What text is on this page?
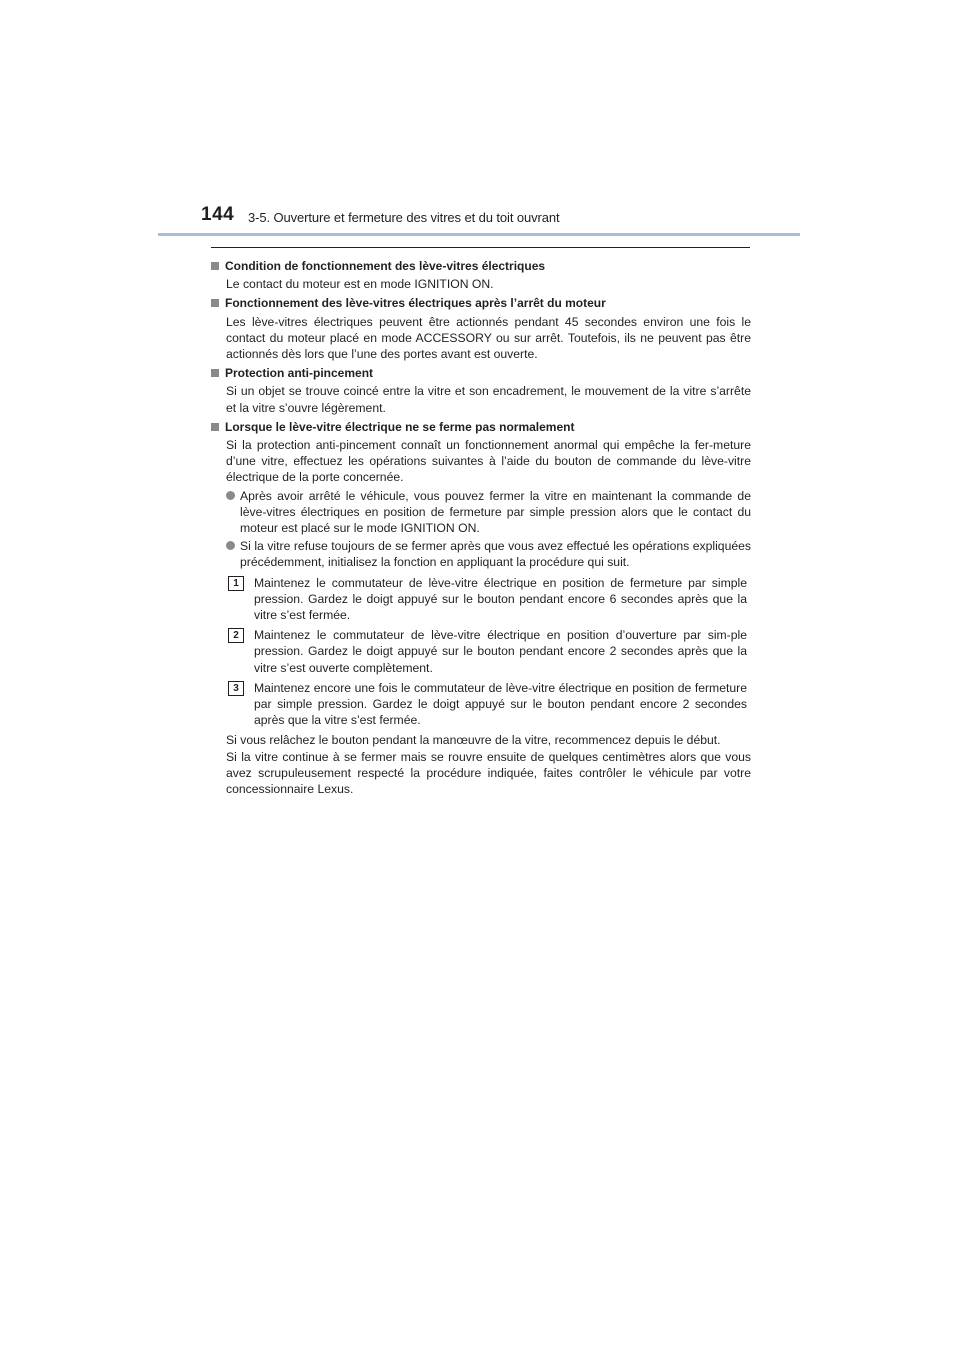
144 3-5. Ouverture et fermeture des vitres et du toit ouvrant
Condition de fonctionnement des lève-vitres électriques
Le contact du moteur est en mode IGNITION ON.
Fonctionnement des lève-vitres électriques après l’arrêt du moteur
Les lève-vitres électriques peuvent être actionnés pendant 45 secondes environ une fois le contact du moteur placé en mode ACCESSORY ou sur arrêt. Toutefois, ils ne peuvent pas être actionnés dès lors que l’une des portes avant est ouverte.
Protection anti-pincement
Si un objet se trouve coincé entre la vitre et son encadrement, le mouvement de la vitre s’arrête et la vitre s’ouvre légèrement.
Lorsque le lève-vitre électrique ne se ferme pas normalement
Si la protection anti-pincement connaît un fonctionnement anormal qui empêche la fer-meture d’une vitre, effectuez les opérations suivantes à l’aide du bouton de commande du lève-vitre électrique de la porte concernée.
Après avoir arrêté le véhicule, vous pouvez fermer la vitre en maintenant la commande de lève-vitres électriques en position de fermeture par simple pression alors que le contact du moteur est placé sur le mode IGNITION ON.
Si la vitre refuse toujours de se fermer après que vous avez effectué les opérations expliquées précédemment, initialisez la fonction en appliquant la procédure qui suit.
1	Maintenez le commutateur de lève-vitre électrique en position de fermeture par simple pression. Gardez le doigt appuyé sur le bouton pendant encore 6 secondes après que la vitre s’est fermée.
2	Maintenez le commutateur de lève-vitre électrique en position d’ouverture par sim-ple pression. Gardez le doigt appuyé sur le bouton pendant encore 2 secondes après que la vitre s’est ouverte complètement.
3	Maintenez encore une fois le commutateur de lève-vitre électrique en position de fermeture par simple pression. Gardez le doigt appuyé sur le bouton pendant encore 2 secondes après que la vitre s’est fermée.
Si vous relâchez le bouton pendant la manœuvre de la vitre, recommencez depuis le début.
Si la vitre continue à se fermer mais se rouvre ensuite de quelques centimètres alors que vous avez scrupuleusement respecté la procédure indiquée, faites contrôler le véhicule par votre concessionnaire Lexus.
